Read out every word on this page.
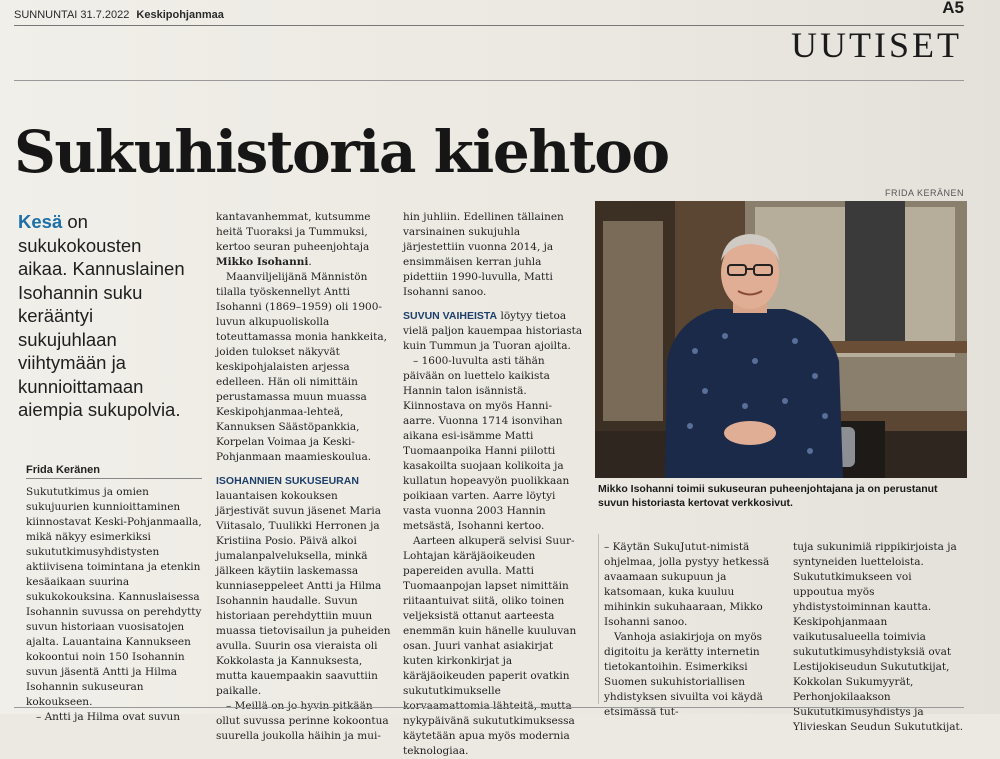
SUNNUNTAI 31.7.2022 Keskipohjanmaa	A5
UUTISET
Sukuhistoria kiehtoo
FRIDA KERÄNEN
Kesä on sukukokousten aikaa. Kannuslainen Isohannin suku kerääntyi sukujuhlaan viihtymään ja kunnioittamaan aiempia sukupolvia.
Frida Keränen

Sukututkimus ja omien sukujuurien kunnioittaminen kiinnostavat Keski-Pohjanmaalla, mikä näkyy esimerkiksi sukututkimusyhdistysten aktiivisena toimintana ja etenkin kesäaikaan suurina sukukokouksina. Kannuslaisessa Isohannin suvussa on perehdytty suvun historiaan vuosisatojen ajalta. Lauantaina Kannukseen kokoontui noin 150 Isohannin suvun jäsentä Antti ja Hilma Isohannin sukuseuran kokoukseen.

– Antti ja Hilma ovat suvun

kantavanhemmat, kutsumme heitä Tuoraksi ja Tummuksi, kertoo seuran puheenjohtaja Mikko Isohanni.

Maanviljelijänä Männistön tilalla työskennellyt Antti Isohanni (1869–1959) oli 1900-luvun alkupuoliskolla toteuttamassa monia hankkeita, joiden tulokset näkyvät keskipohjalaisten arjessa edelleen. Hän oli nimittäin perustamassa muun muassa Keskipohjanmaa-lehteä, Kannuksen Säästöpankkia, Korpelan Voimaa ja Keski-Pohjanmaan maamieskoulua.

ISOHANNIEN SUKUSEURAN lauantaisen kokouksen järjestivät suvun jäsenet Maria Viitasalo, Tuulikki Herronen ja Kristiina Posio. Päivä alkoi jumalanpalveluksella, minkä jälkeen käytiin laskemassa kunniaseppeleet Antti ja Hilma Isohannin haudalle. Suvun historiaan perehdyttiin muun muassa tietovisailun ja puheiden avulla. Suurin osa vieraista oli Kokkolasta ja Kannuksesta, mutta kauempaakin saavuttiin paikalle.

– Meillä on jo hyvin pitkään ollut suvussa perinne kokoontua suurella joukolla häihin ja mui-

hin juhliin. Edellinen tällainen varsinainen sukujuhla järjestettiin vuonna 2014, ja ensimmäisen kerran juhla pidettiin 1990-luvulla, Matti Isohanni sanoo.

SUVUN VAIHEISTA löytyy tietoa vielä paljon kauempaa historiasta kuin Tummun ja Tuoran ajoilta.

– 1600-luvulta asti tähän päivään on luettelo kaikista Hannin talon isännistä. Kiinnostava on myös Hanni-aarre. Vuonna 1714 isonvihan aikana esi-isämme Matti Tuomaanpoika Hanni piilotti kasakoilta suojaan kolikoita ja kullatun hopeavyön puolikkaan poikiaan varten. Aarre löytyi vasta vuonna 2003 Hannin metsästä, Isohanni kertoo.

Aarteen alkuperä selvisi Suur-Lohtajan käräjäoikeuden papereiden avulla. Matti Tuomaanpojan lapset nimittäin riitaantuivat siitä, oliko toinen veljeksistä ottanut aarteesta enemmän kuin hänelle kuuluvan osan. Juuri vanhat asiakirjat kuten kirkonkirjat ja käräjäoikeuden paperit ovatkin sukututkimukselle korvaamattomia lähteitä, mutta nykypäivänä sukututkimuksessa käytetään apua myös modernia teknologiaa.

Mikko Isohanni toimii sukuseuran puheenjohtajana ja on perustanut suvun historiasta kertovat verkkosivut.

– Käytän SukuJutut-nimistä ohjelmaa, jolla pystyy hetkessä avaamaan sukupuun ja katsomaan, kuka kuuluu mihinkin sukuhaaraan, Mikko Isohanni sanoo.

Vanhoja asiakirjoja on myös digitoitu ja kerätty internetin tietokantoihin. Esimerkiksi Suomen sukuhistoriallisen yhdistyksen sivuilta voi käydä etsimässä tut-

tuja sukunimiä rippikirjoista ja syntyneiden luetteloista. Sukututkimukseen voi uppoutua myös yhdistystoiminnan kautta. Keskipohjanmaan vaikutusalueella toimivia sukututkimusyhdistyksiä ovat Lestijokiseudun Sukututkijat, Kokkolan Sukumyyrät, Perhonjokilaakson Sukututkimusyhdistys ja Ylivieskan Seudun Sukututkijat.
